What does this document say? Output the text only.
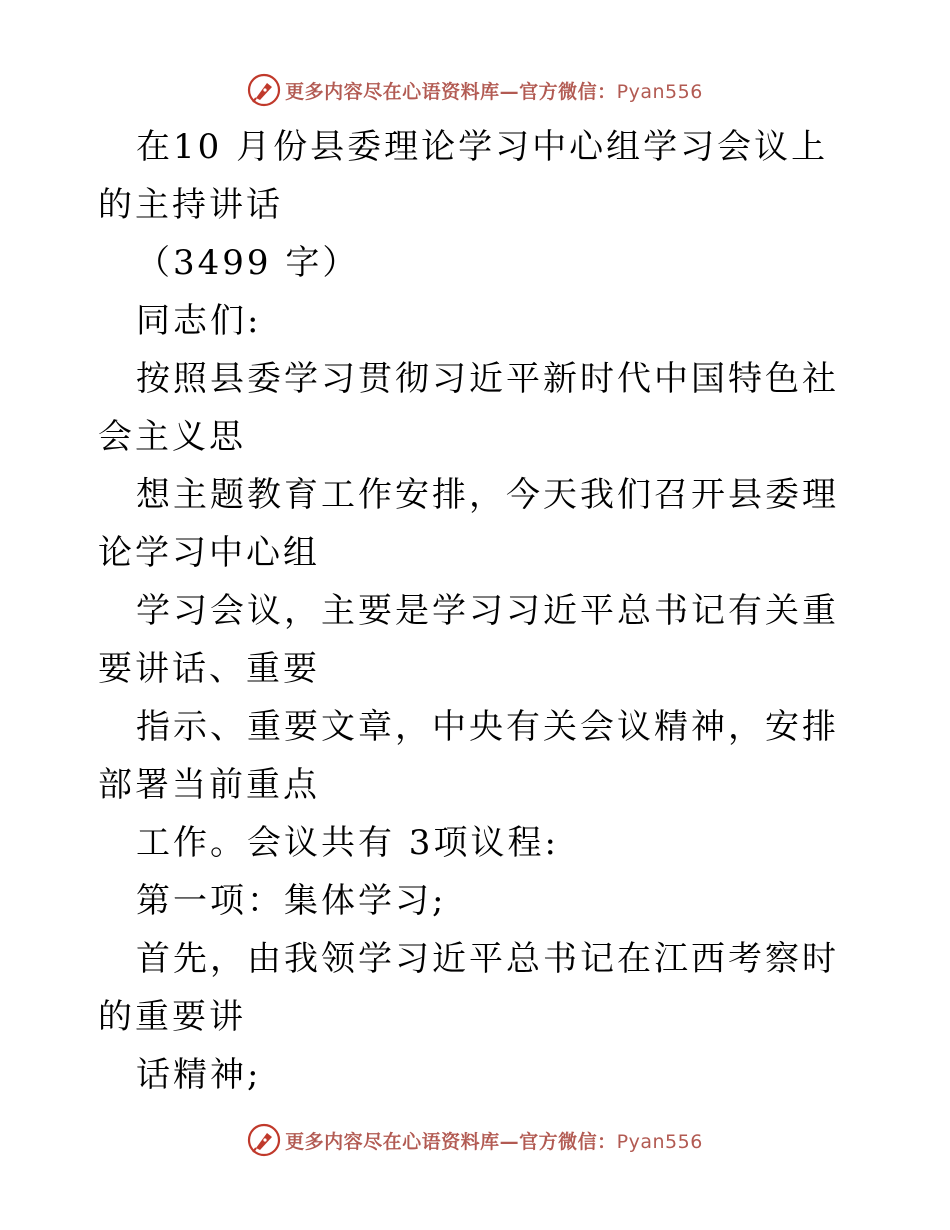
更多内容尽在心语资料库—官方微信：Pyan556

在10 月份县委理论学习中心组学习会议上的主持讲话

（3499 字）

同志们:

按照县委学习贯彻习近平新时代中国特色社会主义思

想主题教育工作安排，今天我们召开县委理论学习中心组

学习会议，主要是学习习近平总书记有关重要讲话、重要

指示、重要文章，中央有关会议精神，安排部署当前重点

工作。会议共有 3项议程:

第一项：集体学习;

首先，由我领学习近平总书记在江西考察时的重要讲

话精神;

更多内容尽在心语资料库—官方微信：Pyan556
